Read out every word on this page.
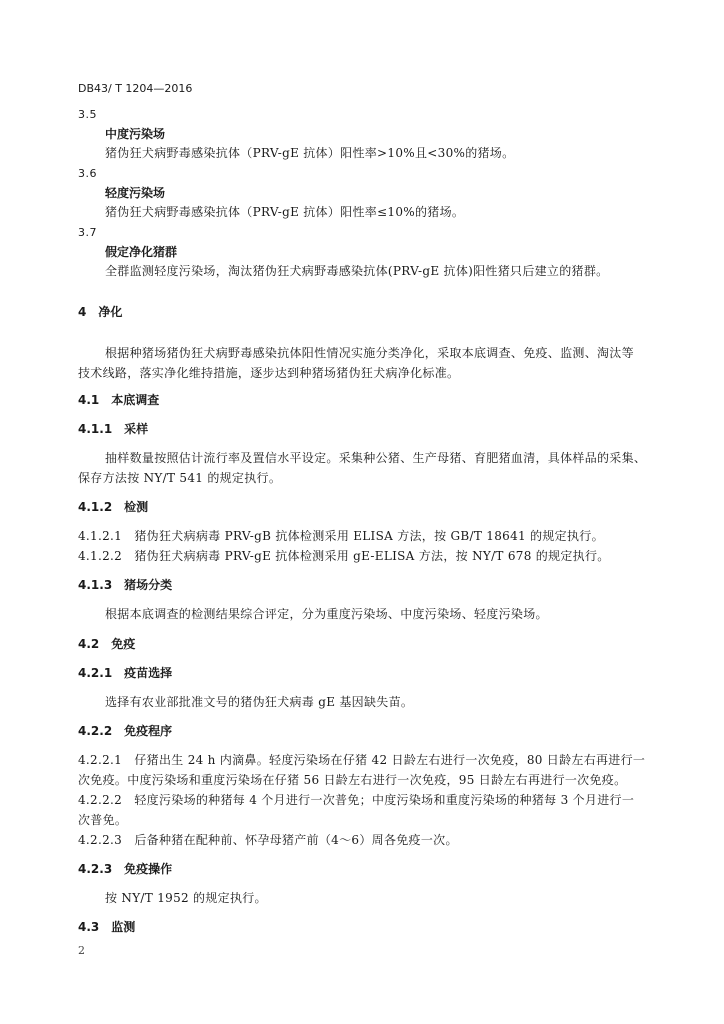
DB43/ T 1204—2016
3.5
中度污染场
猪伪狂犬病野毒感染抗体（PRV-gE 抗体）阳性率>10%且<30%的猪场。
3.6
轻度污染场
猪伪狂犬病野毒感染抗体（PRV-gE 抗体）阳性率≤10%的猪场。
3.7
假定净化猪群
全群监测轻度污染场，淘汰猪伪狂犬病野毒感染抗体(PRV-gE 抗体)阳性猪只后建立的猪群。
4　净化
根据种猪场猪伪狂犬病野毒感染抗体阳性情况实施分类净化，采取本底调查、免疫、监测、淘汰等
技术线路，落实净化维持措施，逐步达到种猪场猪伪狂犬病净化标准。
4.1　本底调查
4.1.1　采样
抽样数量按照估计流行率及置信水平设定。采集种公猪、生产母猪、育肥猪血清，具体样品的采集、
保存方法按 NY/T 541 的规定执行。
4.1.2　检测
4.1.2.1　猪伪狂犬病病毒 PRV-gB 抗体检测采用 ELISA 方法，按 GB/T 18641 的规定执行。
4.1.2.2　猪伪狂犬病病毒 PRV-gE 抗体检测采用 gE-ELISA 方法，按 NY/T 678 的规定执行。
4.1.3　猪场分类
根据本底调查的检测结果综合评定，分为重度污染场、中度污染场、轻度污染场。
4.2　免疫
4.2.1　疫苗选择
选择有农业部批准文号的猪伪狂犬病毒 gE 基因缺失苗。
4.2.2　免疫程序
4.2.2.1　仔猪出生 24 h 内滴鼻。轻度污染场在仔猪 42 日龄左右进行一次免疫，80 日龄左右再进行一
次免疫。中度污染场和重度污染场在仔猪 56 日龄左右进行一次免疫，95 日龄左右再进行一次免疫。
4.2.2.2　轻度污染场的种猪每 4 个月进行一次普免；中度污染场和重度污染场的种猪每 3 个月进行一
次普免。
4.2.2.3　后备种猪在配种前、怀孕母猪产前（4～6）周各免疫一次。
4.2.3　免疫操作
按 NY/T 1952 的规定执行。
4.3　监测
2
